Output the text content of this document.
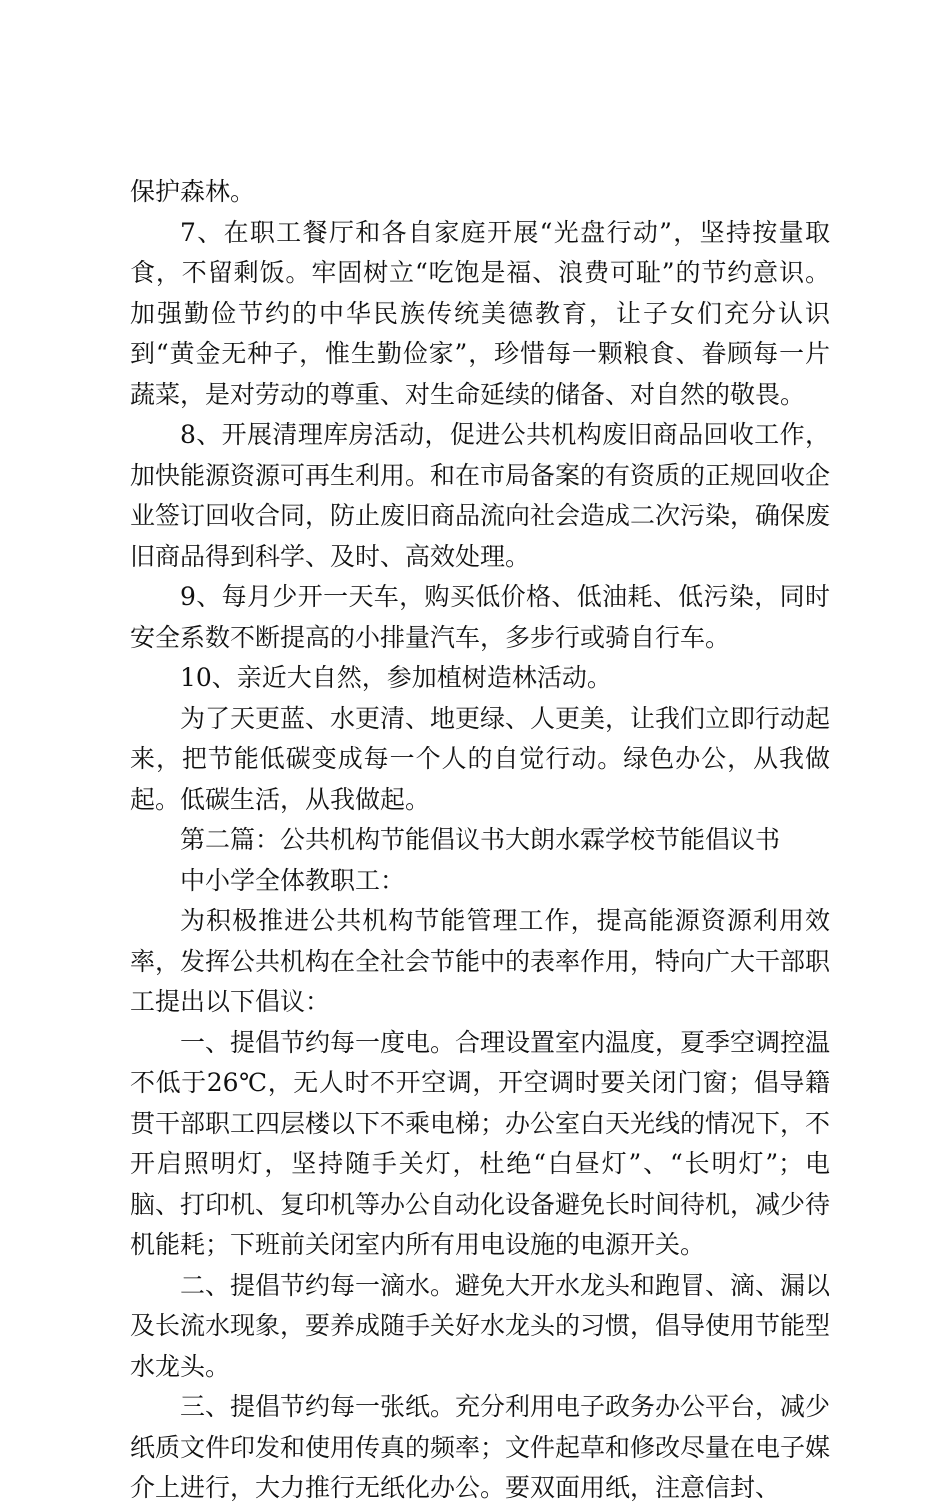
保护森林。

7、在职工餐厅和各自家庭开展“光盘行动”，坚持按量取食，不留剩饭。牢固树立“吃饱是福、浪费可耻”的节约意识。加强勤俭节约的中华民族传统美德教育，让子女们充分认识到“黄金无种子，惟生勤俭家”，珍惜每一颗粮食、眷顾每一片蔬菜，是对劳动的尊重、对生命延续的储备、对自然的敬畏。

8、开展清理库房活动，促进公共机构废旧商品回收工作，加快能源资源可再生利用。和在市局备案的有资质的正规回收企业签订回收合同，防止废旧商品流向社会造成二次污染，确保废旧商品得到科学、及时、高效处理。

9、每月少开一天车，购买低价格、低油耗、低污染，同时安全系数不断提高的小排量汽车，多步行或骑自行车。

10、亲近大自然，参加植树造林活动。

为了天更蓝、水更清、地更绿、人更美，让我们立即行动起来，把节能低碳变成每一个人的自觉行动。绿色办公，从我做起。低碳生活，从我做起。

第二篇：公共机构节能倡议书大朗水霖学校节能倡议书

中小学全体教职工：

为积极推进公共机构节能管理工作，提高能源资源利用效率，发挥公共机构在全社会节能中的表率作用，特向广大干部职工提出以下倡议：

一、提倡节约每一度电。合理设置室内温度，夏季空调控温不低于26℃，无人时不开空调，开空调时要关闭门窗；倡导籍贯干部职工四层楼以下不乘电梯；办公室白天光线的情况下，不开启照明灯，坚持随手关灯，杜绝“白昼灯”、“长明灯”；电脑、打印机、复印机等办公自动化设备避免长时间待机，减少待机能耗；下班前关闭室内所有用电设施的电源开关。

二、提倡节约每一滴水。避免大开水龙头和跑冒、滴、漏以及长流水现象，要养成随手关好水龙头的习惯，倡导使用节能型水龙头。

三、提倡节约每一张纸。充分利用电子政务办公平台，减少纸质文件印发和使用传真的频率；文件起草和修改尽量在电子媒介上进行，大力推行无纸化办公。要双面用纸，注意信封、
